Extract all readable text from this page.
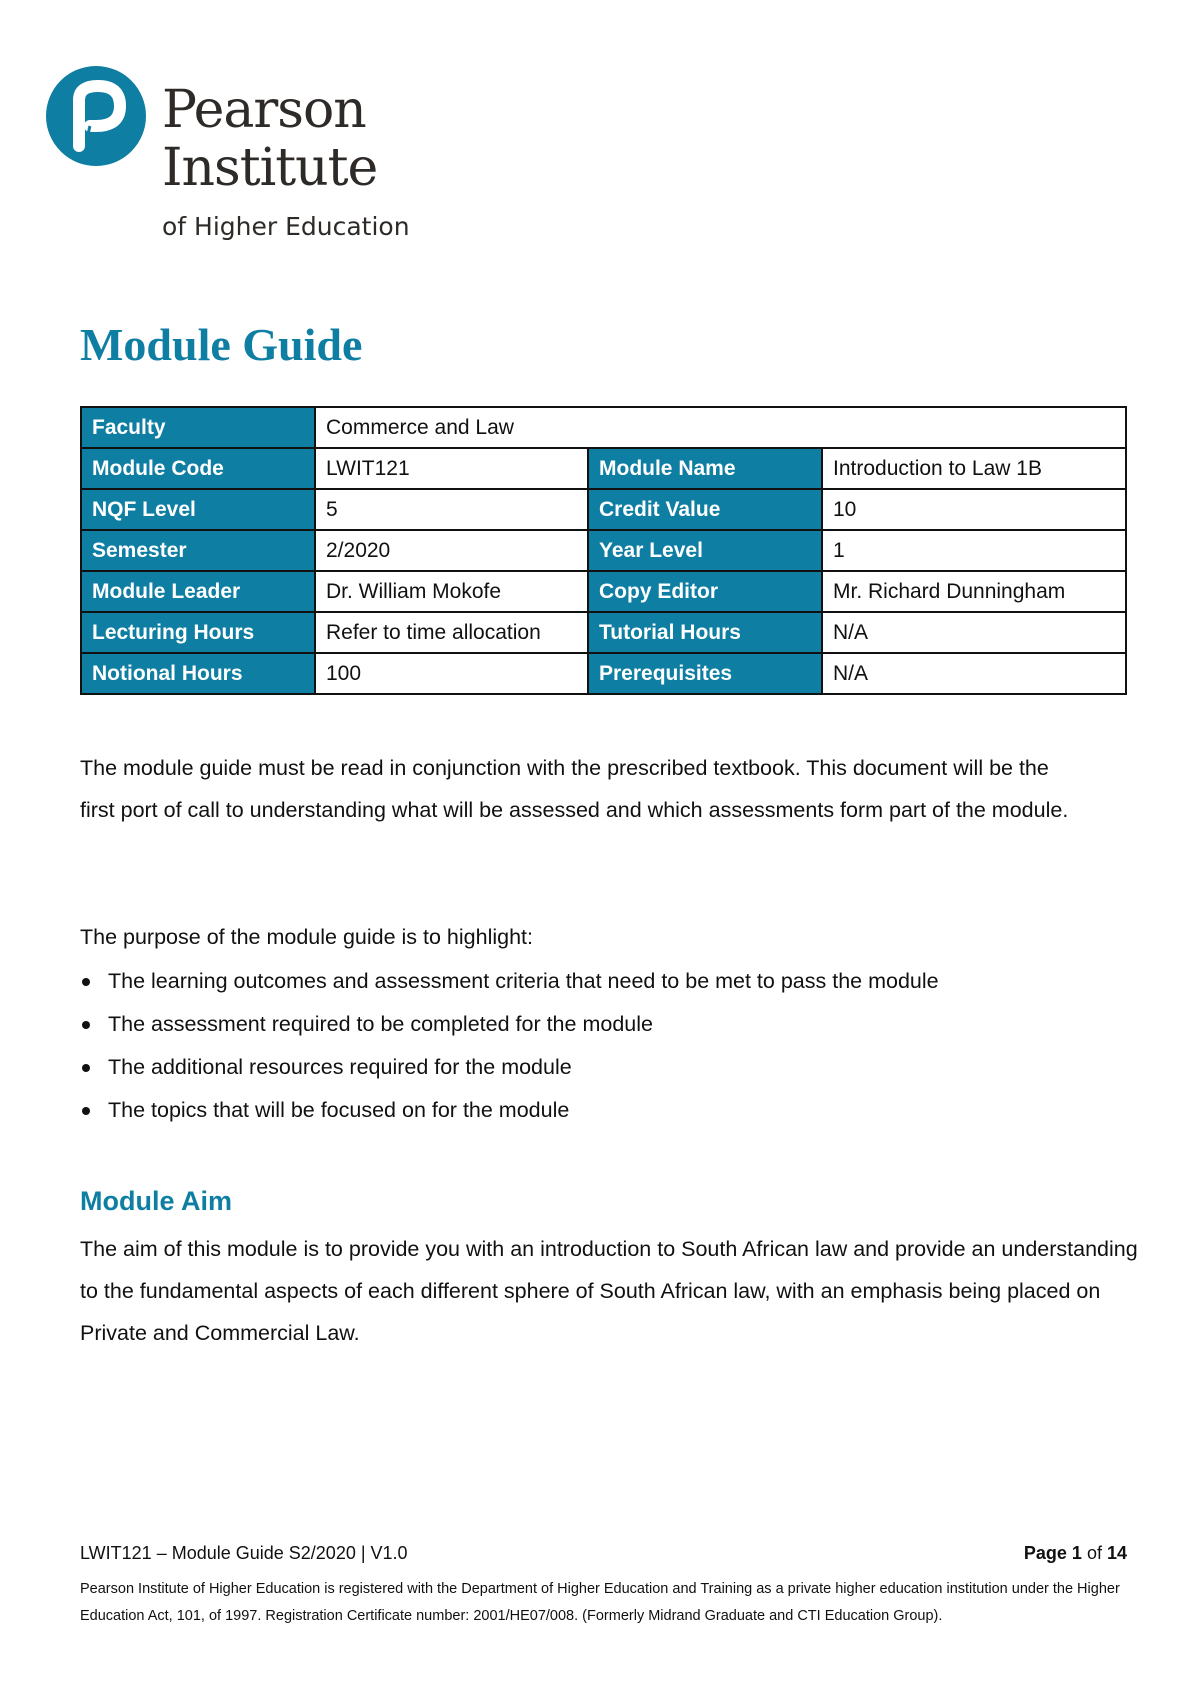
Pearson
Institute
of Higher Education
Module Guide
Faculty	Commerce and Law		
Module Code	LWIT121	Module Name	Introduction to Law 1B
NQF Level	5	Credit Value	10
Semester	2/2020	Year Level	1
Module Leader	Dr. William Mokofe	Copy Editor	Mr. Richard Dunningham
Lecturing Hours	Refer to time allocation	Tutorial Hours	N/A
Notional Hours	100	Prerequisites	N/A
The module guide must be read in conjunction with the prescribed textbook. This document will be the first port of call to understanding what will be assessed and which assessments form part of the module.
The purpose of the module guide is to highlight:
The learning outcomes and assessment criteria that need to be met to pass the module
The assessment required to be completed for the module
The additional resources required for the module
The topics that will be focused on for the module
Module Aim
The aim of this module is to provide you with an introduction to South African law and provide an understanding to the fundamental aspects of each different sphere of South African law, with an emphasis being placed on Private and Commercial Law.
LWIT121 – Module Guide S2/2020 | V1.0	Page 1 of 14
Pearson Institute of Higher Education is registered with the Department of Higher Education and Training as a private higher education institution under the Higher Education Act, 101, of 1997. Registration Certificate number: 2001/HE07/008. (Formerly Midrand Graduate and CTI Education Group).
